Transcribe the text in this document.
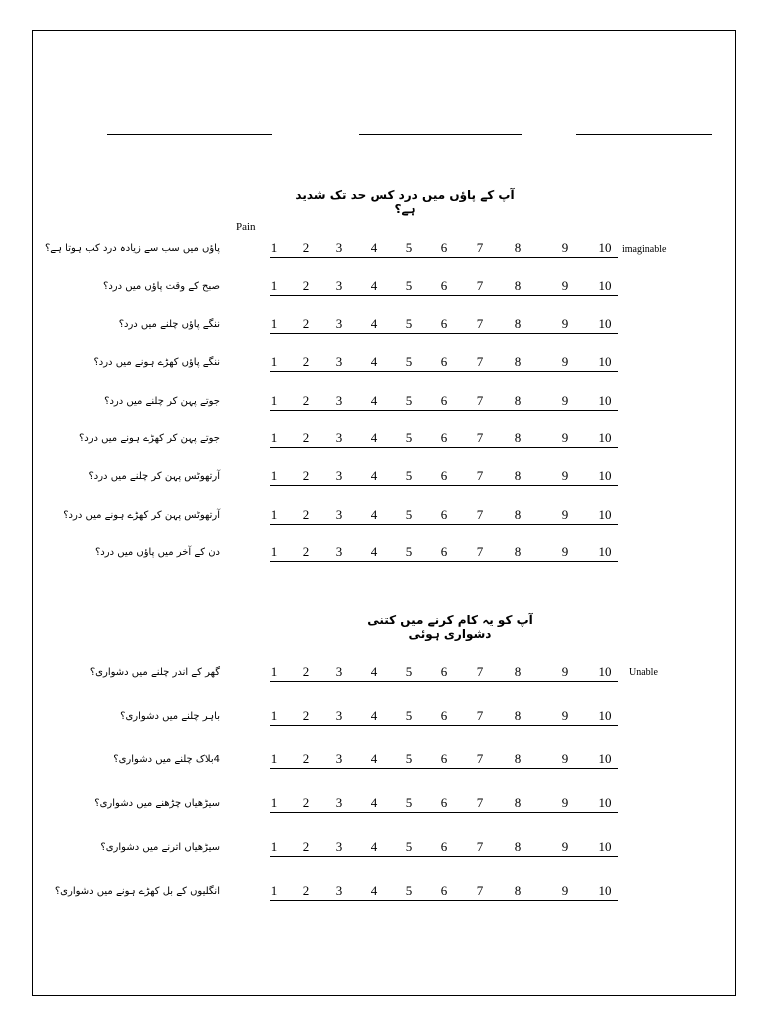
آپ کے پاؤں میں درد کس حد تک شدید ہے؟
Pain
imaginable
آپ کو یہ کام کرنے میں کتنی دشواری ہوئی
Unable
پاؤں میں سب سے زیادہ درد کب ہوتا ہے؟	1 2 3 4 5 6 7 8	9 10
صبح کے وقت پاؤں میں درد؟	1 2 3 4 5 6 7 8	9 10
ننگے پاؤں چلنے میں درد؟	1 2 3 4 5 6 7 8	9 10
ننگے پاؤں کھڑے ہونے میں درد؟	1 2 3 4 5 6 7 8	9 10
جوتے پہن کر چلنے میں درد؟	1 2 3 4 5 6 7 8	9 10
جوتے پہن کر کھڑے ہونے میں درد؟	1 2 3 4 5 6 7 8	9 10
آرتھوٹس پہن کر چلنے میں درد؟	1 2 3 4 5 6 7 8	9 10
آرتھوٹس پہن کر کھڑے ہونے میں درد؟	1 2 3 4 5 6 7 8	9 10
دن کے آخر میں پاؤں میں درد؟	1 2 3 4 5 6 7 8	9 10
گھر کے اندر چلنے میں دشواری؟	1 2 3 4 5 6 7 8	9 10
باہر چلنے میں دشواری؟	1 2 3 4 5 6 7 8	9 10
4بلاک چلنے میں دشواری؟	1 2 3 4 5 6 7 8	9 10
سیڑھیاں چڑھنے میں دشواری؟	1 2 3 4 5 6 7 8	9 10
سیڑھیاں اترنے میں دشواری؟	1 2 3 4 5 6 7 8	9 10
انگلیوں کے بل کھڑے ہونے میں دشواری؟	1 2 3 4 5 6 7 8	9 10
